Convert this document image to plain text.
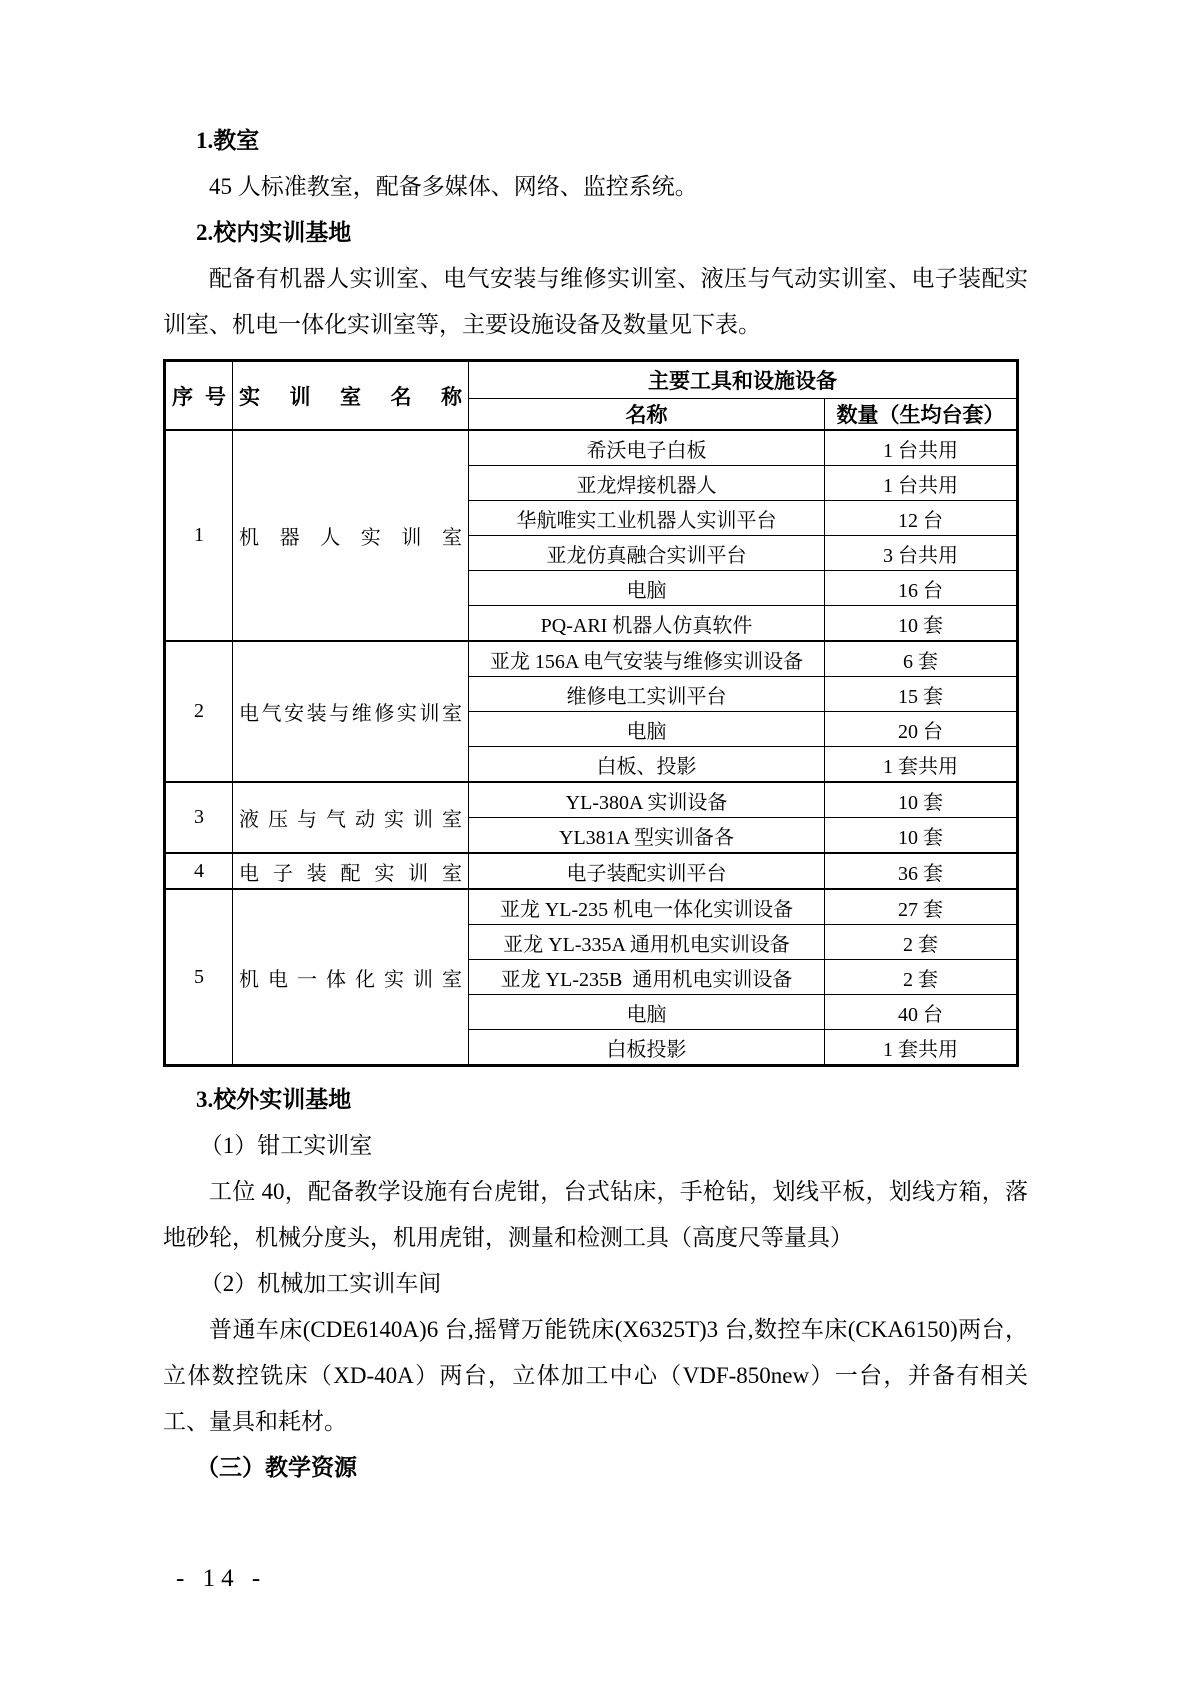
1.教室

45 人标准教室，配备多媒体、网络、监控系统。

2.校内实训基地

配备有机器人实训室、电气安装与维修实训室、液压与气动实训室、电子装配实训室、机电一体化实训室等，主要设施设备及数量见下表。

序号	实训室名称	主要工具和设施设备	
		名称	数量（生均台套）
1	机器人实训室	希沃电子白板	1 台共用
		亚龙焊接机器人	1 台共用
		华航唯实工业机器人实训平台	12 台
		亚龙仿真融合实训平台	3 台共用
		电脑	16 台
		PQ-ARI 机器人仿真软件	10 套
2	电气安装与维修实训室	亚龙 156A 电气安装与维修实训设备	6 套
		维修电工实训平台	15 套
		电脑	20 台
		白板、投影	1 套共用
3	液压与气动实训室	YL-380A 实训设备	10 套
		YL381A 型实训备各	10 套
4	电子装配实训室	电子装配实训平台	36 套
5	机电一体化实训室	亚龙 YL-235 机电一体化实训设备	27 套
		亚龙 YL-335A 通用机电实训设备	2 套
		亚龙 YL-235B  通用机电实训设备	2 套
		电脑	40 台
		白板投影	1 套共用

3.校外实训基地

（1）钳工实训室

工位 40，配备教学设施有台虎钳，台式钻床，手枪钻，划线平板，划线方箱，落地砂轮，机械分度头，机用虎钳，测量和检测工具（高度尺等量具）

（2）机械加工实训车间

普通车床(CDE6140A)6 台,摇臂万能铣床(X6325T)3 台,数控车床(CKA6150)两台，立体数控铣床（XD-40A）两台，立体加工中心（VDF-850new）一台，并备有相关工、量具和耗材。

（三）教学资源

- 14 -
